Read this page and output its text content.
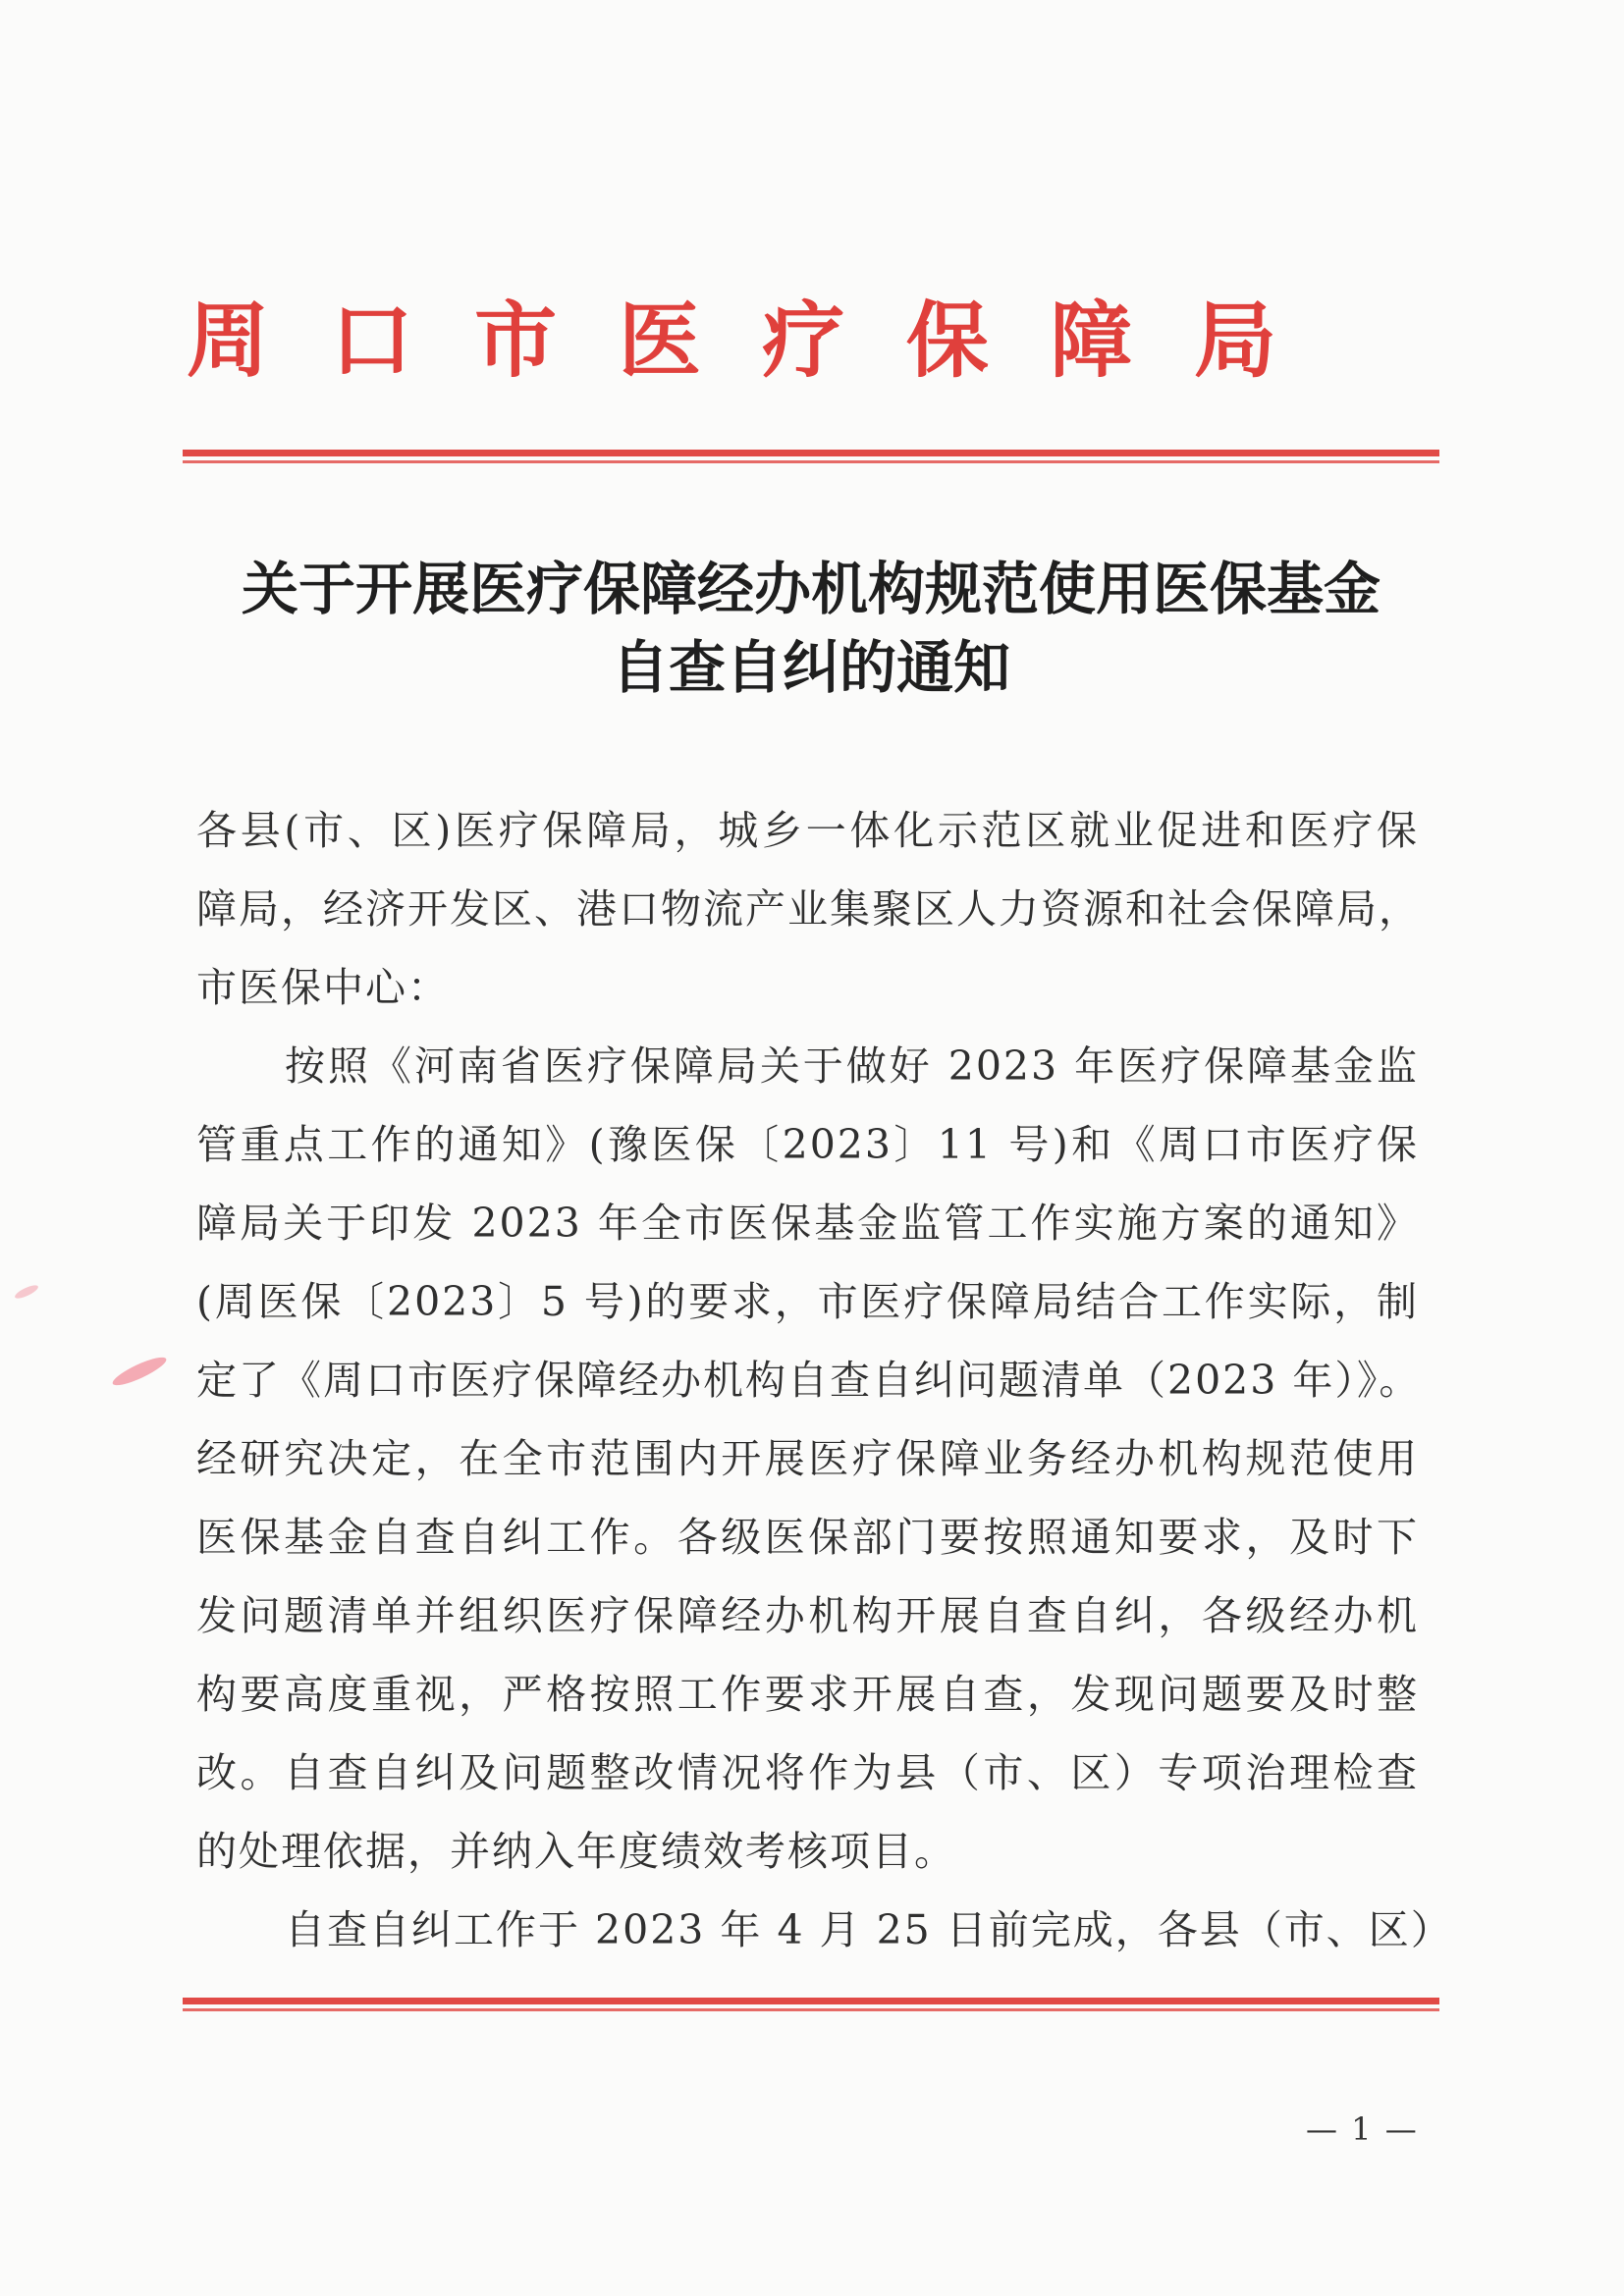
周 口 市 医 疗 保 障 局
关于开展医疗保障经办机构规范使用医保基金
自查自纠的通知
各县(市、区)医疗保障局，城乡一体化示范区就业促进和医疗保
障局，经济开发区、港口物流产业集聚区人力资源和社会保障局，
市医保中心：
按照《河南省医疗保障局关于做好 2023 年医疗保障基金监
管重点工作的通知》(豫医保〔2023〕11 号)和《周口市医疗保
障局关于印发 2023 年全市医保基金监管工作实施方案的通知》
(周医保〔2023〕5 号)的要求，市医疗保障局结合工作实际，制
定了《周口市医疗保障经办机构自查自纠问题清单（2023 年）》。
经研究决定，在全市范围内开展医疗保障业务经办机构规范使用
医保基金自查自纠工作。各级医保部门要按照通知要求，及时下
发问题清单并组织医疗保障经办机构开展自查自纠，各级经办机
构要高度重视，严格按照工作要求开展自查，发现问题要及时整
改。自查自纠及问题整改情况将作为县（市、区）专项治理检查
的处理依据，并纳入年度绩效考核项目。
自查自纠工作于 2023 年 4 月 25 日前完成，各县（市、区）
— 1 —
